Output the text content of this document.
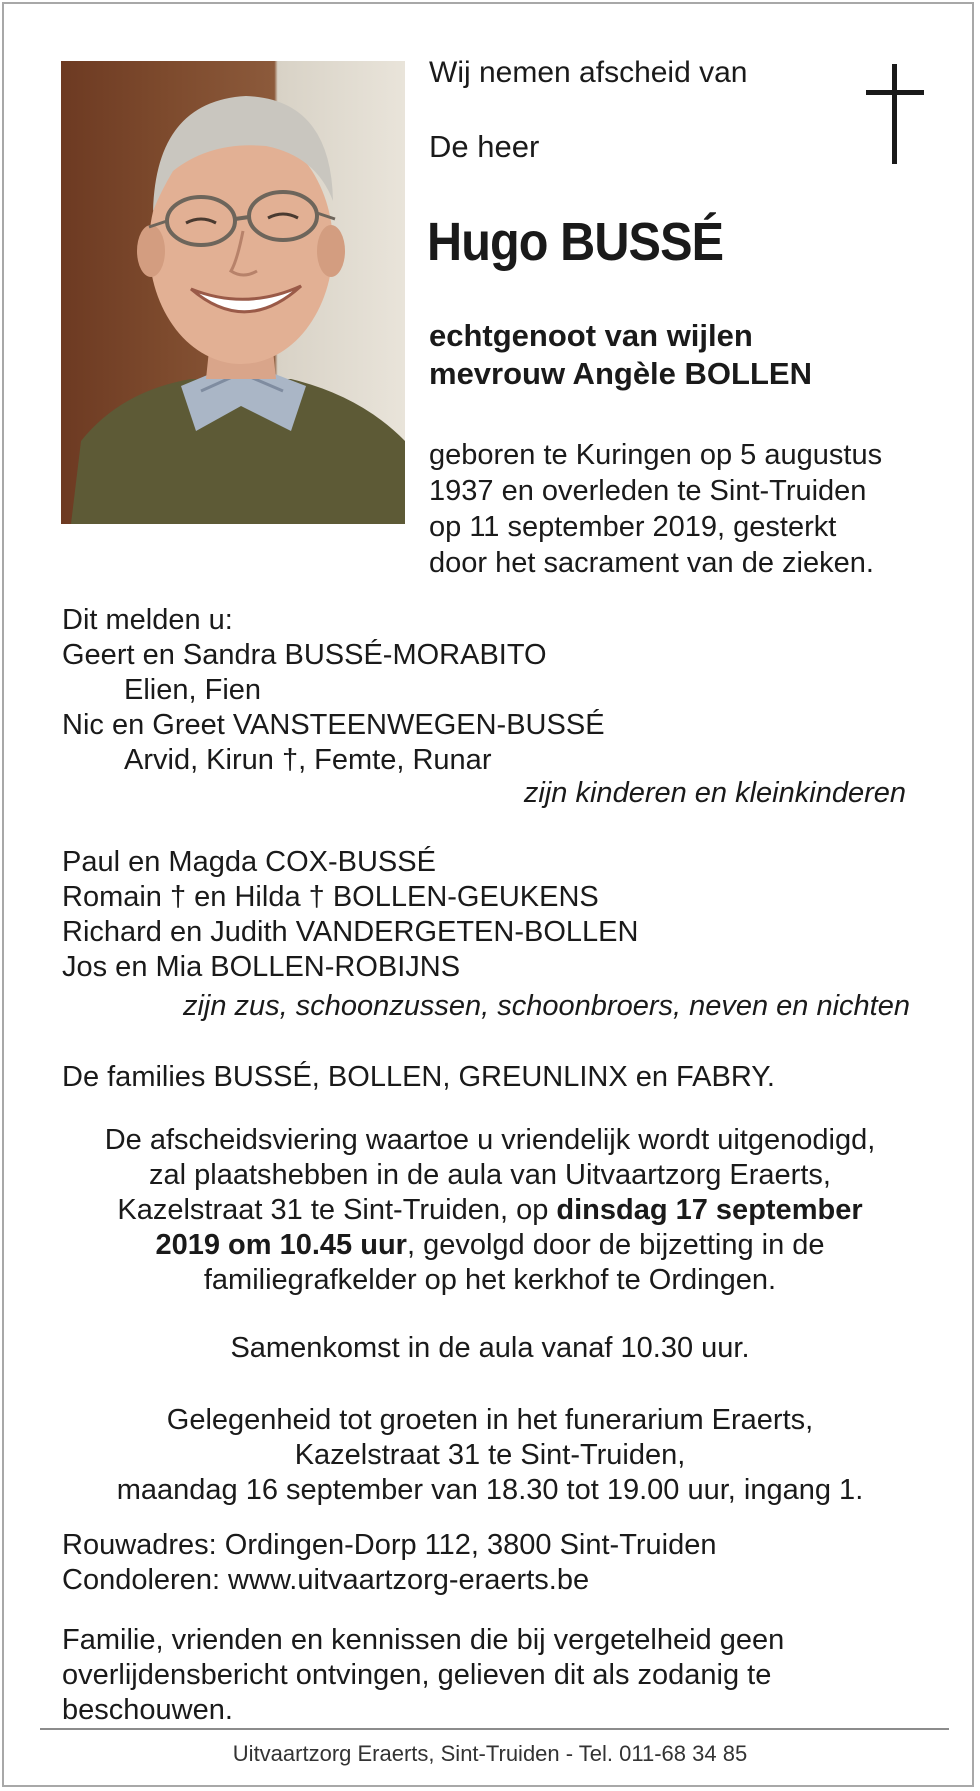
Wij nemen afscheid van

De heer

Hugo BUSSÉ

echtgenoot van wijlen
mevrouw Angèle BOLLEN
geboren te Kuringen op 5 augustus
1937 en overleden te Sint-Truiden
op 11 september 2019, gesterkt
door het sacrament van de zieken.
Dit melden u:
Geert en Sandra BUSSÉ-MORABITO
Elien, Fien
Nic en Greet VANSTEENWEGEN-BUSSÉ
Arvid, Kirun †, Femte, Runar

zijn kinderen en kleinkinderen

Paul en Magda COX-BUSSÉ
Romain † en Hilda † BOLLEN-GEUKENS
Richard en Judith VANDERGETEN-BOLLEN
Jos en Mia BOLLEN-ROBIJNS

zijn zus, schoonzussen, schoonbroers, neven en nichten

De families BUSSÉ, BOLLEN, GREUNLINX en FABRY.

De afscheidsviering waartoe u vriendelijk wordt uitgenodigd,
zal plaatshebben in de aula van Uitvaartzorg Eraerts,
Kazelstraat 31 te Sint-Truiden, op dinsdag 17 september
2019 om 10.45 uur, gevolgd door de bijzetting in de
familiegrafkelder op het kerkhof te Ordingen.

Samenkomst in de aula vanaf 10.30 uur.

Gelegenheid tot groeten in het funerarium Eraerts,
Kazelstraat 31 te Sint-Truiden,
maandag 16 september van 18.30 tot 19.00 uur, ingang 1.
Rouwadres: Ordingen-Dorp 112, 3800 Sint-Truiden
Condoleren: www.uitvaartzorg-eraerts.be
Familie, vrienden en kennissen die bij vergetelheid geen
overlijdensbericht ontvingen, gelieven dit als zodanig te
beschouwen.

Uitvaartzorg Eraerts, Sint-Truiden - Tel. 011-68 34 85
